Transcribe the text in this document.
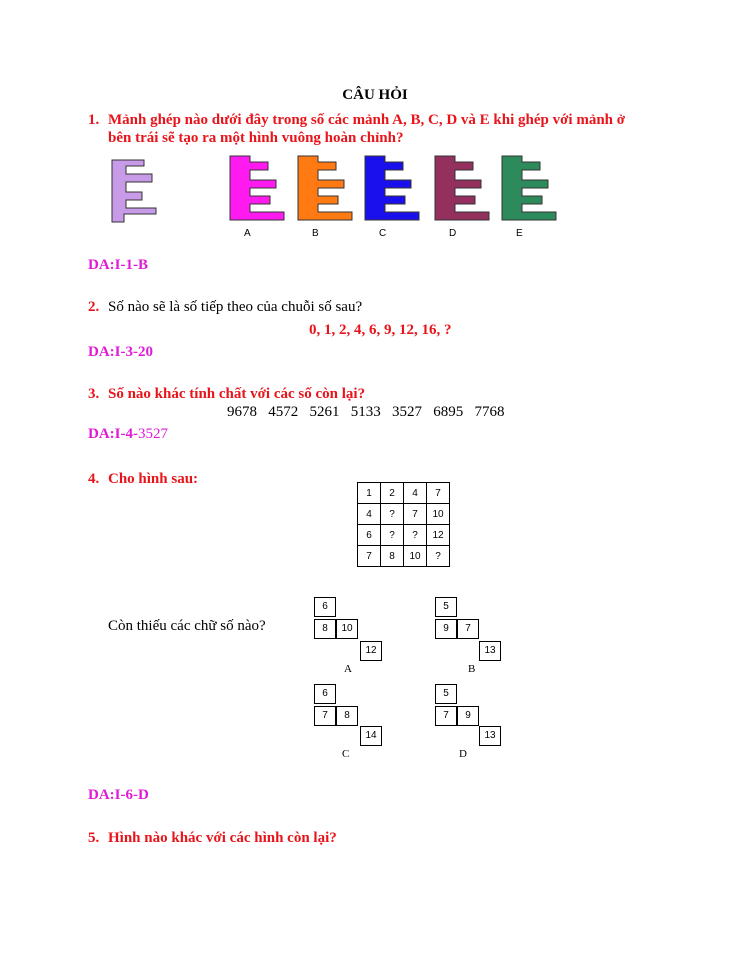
CÂU HỎI
1. Mảnh ghép nào dưới đây trong số các mảnh A, B, C, D và E khi ghép với mảnh ở
bên trái sẽ tạo ra một hình vuông hoàn chỉnh?
A	B	C	D	E
DA:I-1-B
2. Số nào sẽ là số tiếp theo của chuỗi số sau?
0, 1, 2, 4, 6, 9, 12, 16, ?
DA:I-3-20
3. Số nào khác tính chất với các số còn lại?
9678 4572 5261 5133 3527 6895 7768
DA:I-4-3527
4. Cho hình sau:
1	2	4	7
4	?	7	10
6	?	?	12
7	8	10	?
Còn thiếu các chữ số nào?
6
8	10
12
A
5
9	7
13
B
6
7	8
14
C
5
7	9
13
D
DA:I-6-D
5. Hình nào khác với các hình còn lại?
